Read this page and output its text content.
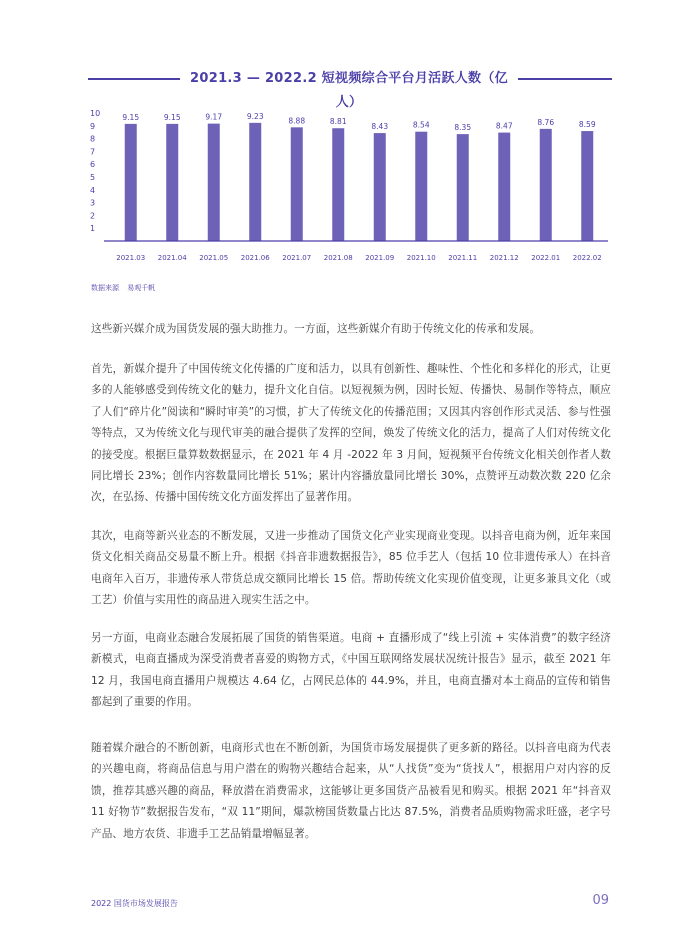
2021.3 — 2022.2 短视频综合平台月活跃人数（亿人）
1
2
3
4
5
6
7
8
9
10	9.15
2021.03
9.15
2021.04
9.17
2021.05
9.23
2021.06
8.88
2021.07
8.81
2021.08
8.43
2021.09
8.54
2021.10
8.35
2021.11
8.47
2021.12
8.76
2022.01
8.59
2022.02
数据来源 易观千帆

这些新兴媒介成为国货发展的强大助推力。一方面，这些新媒介有助于传统文化的传承和发展。

首先，新媒介提升了中国传统文化传播的广度和活力，以具有创新性、趣味性、个性化和多样化的形式，让更多的人能够感受到传统文化的魅力，提升文化自信。以短视频为例，因时长短、传播快、易制作等特点，顺应了人们“碎片化”阅读和“瞬时审美”的习惯，扩大了传统文化的传播范围；又因其内容创作形式灵活、参与性强等特点，又为传统文化与现代审美的融合提供了发挥的空间，焕发了传统文化的活力，提高了人们对传统文化的接受度。根据巨量算数数据显示，在 2021 年 4 月 -2022 年 3 月间，短视频平台传统文化相关创作者人数同比增长 23%；创作内容数量同比增长 51%；累计内容播放量同比增长 30%，点赞评互动数次数 220 亿余次，在弘扬、传播中国传统文化方面发挥出了显著作用。

其次，电商等新兴业态的不断发展，又进一步推动了国货文化产业实现商业变现。以抖音电商为例，近年来国货文化相关商品交易量不断上升。根据《抖音非遗数据报告》，85 位手艺人（包括 10 位非遗传承人）在抖音电商年入百万，非遗传承人带货总成交额同比增长 15 倍。帮助传统文化实现价值变现，让更多兼具文化（或工艺）价值与实用性的商品进入现实生活之中。

另一方面，电商业态融合发展拓展了国货的销售渠道。电商 + 直播形成了“线上引流 + 实体消费”的数字经济新模式，电商直播成为深受消费者喜爱的购物方式，《中国互联网络发展状况统计报告》显示，截至 2021 年 12 月，我国电商直播用户规模达 4.64 亿，占网民总体的 44.9%，并且，电商直播对本土商品的宣传和销售都起到了重要的作用。

随着媒介融合的不断创新，电商形式也在不断创新，为国货市场发展提供了更多新的路径。以抖音电商为代表的兴趣电商，将商品信息与用户潜在的购物兴趣结合起来，从“人找货”变为“货找人”，根据用户对内容的反馈，推荐其感兴趣的商品，释放潜在消费需求，这能够让更多国货产品被看见和购买。根据 2021 年“抖音双 11 好物节”数据报告发布，“双 11”期间，爆款榜国货数量占比达 87.5%，消费者品质购物需求旺盛，老字号产品、地方农货、非遗手工艺品销量增幅显著。

2022 国货市场发展报告	09
